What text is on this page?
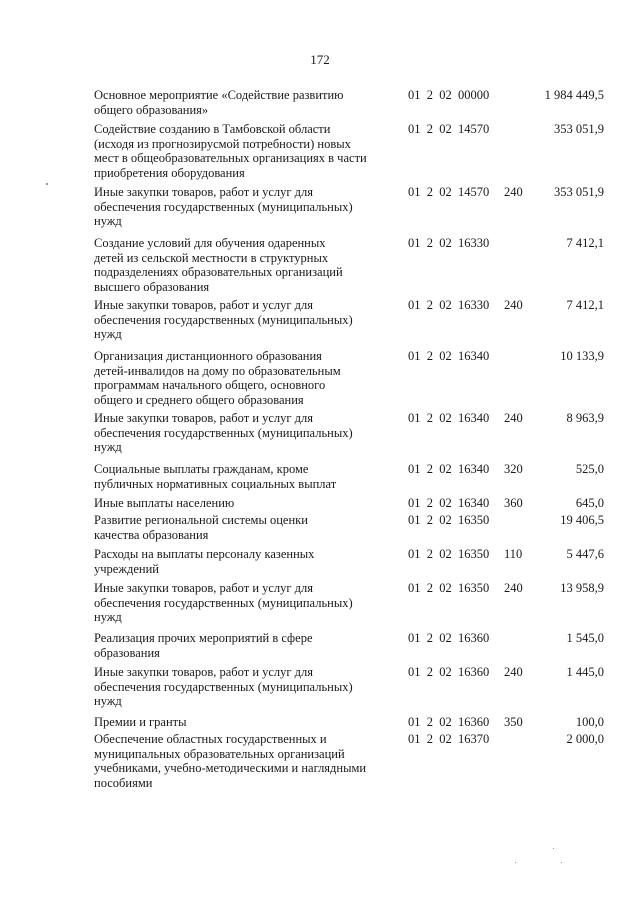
172
Основное мероприятие «Содействие развитию
общего образования»
01  2  02  00000	1 984 449,5
Содействие созданию в Тамбовской области
(исходя из прогнозирусмой потребности) новых
мест в общеобразовательных организациях в части
приобретения оборудования
01  2  02  14570	353 051,9
Иные закупки товаров, работ и услуг для
обеспечения государственных (муниципальных)
нужд
01  2  02  14570 240	353 051,9
Создание условий для обучения одаренных
детей из сельской местности в структурных
подразделениях образовательных организаций
высшего образования
01  2  02  16330	7 412,1
Иные закупки товаров, работ и услуг для
обеспечения государственных (муниципальных)
нужд
01  2  02  16330 240	7 412,1
Организация дистанционного образования
детей-инвалидов на дому по образовательным
программам начального общего, основного
общего и среднего общего образования
01  2  02  16340	10 133,9
Иные закупки товаров, работ и услуг для
обеспечения государственных (муниципальных)
нужд
01  2  02  16340 240	8 963,9
Социальные выплаты гражданам, кроме
публичных нормативных социальных выплат
01  2  02  16340 320	525,0
Иные выплаты населению	01  2  02  16340 360	645,0
Развитие региональной системы оценки
качества образования
01  2  02  16350	19 406,5
Расходы на выплаты персоналу казенных
учреждений
01  2  02  16350 110	5 447,6
Иные закупки товаров, работ и услуг для
обеспечения государственных (муниципальных)
нужд
01  2  02  16350 240	13 958,9
Реализация прочих мероприятий в сфере
образования
01  2  02  16360	1 545,0
Иные закупки товаров, работ и услуг для
обеспечения государственных (муниципальных)
нужд
01  2  02  16360 240	1 445,0
Премии и гранты	01  2  02  16360 350	100,0
Обеспечение областных государственных и
муниципальных образовательных организаций
учебниками, учебно-методическими и наглядными
пособиями
01  2  02  16370	2 000,0
